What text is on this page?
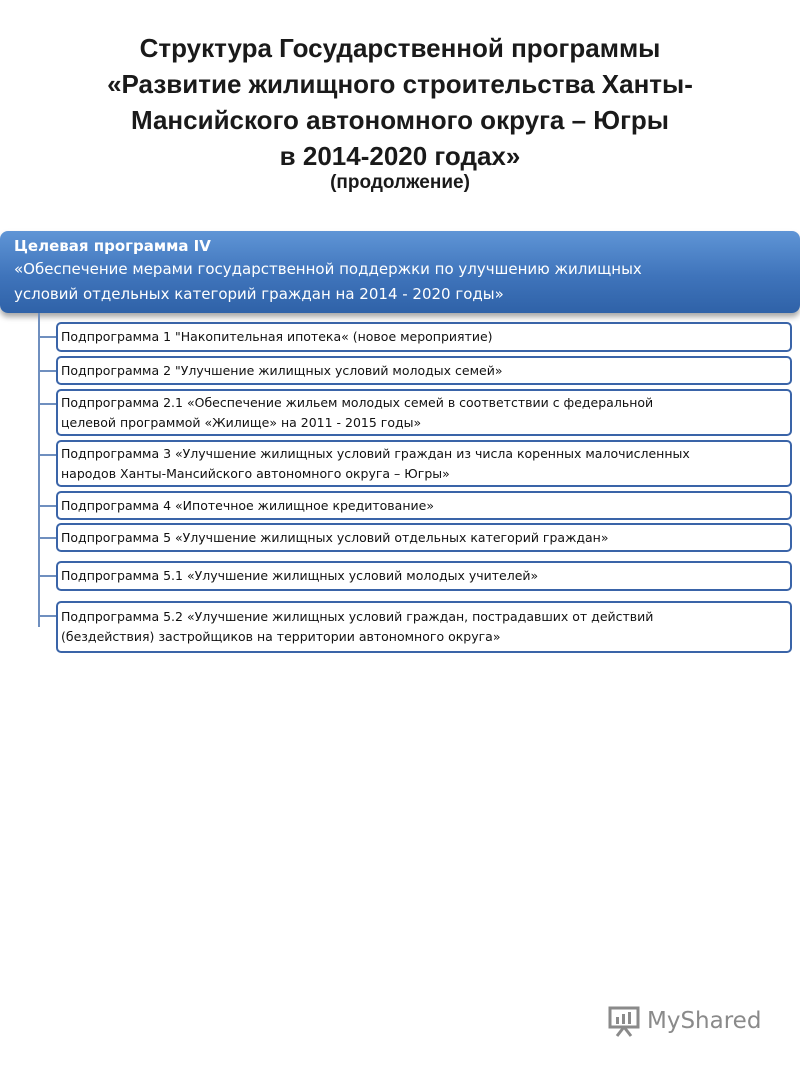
Структура Государственной программы
«Развитие жилищного строительства Ханты-
Мансийского автономного округа – Югры
в 2014-2020 годах»
(продолжение)
Целевая программа IV
«Обеспечение мерами государственной поддержки по улучшению жилищных
условий отдельных категорий граждан на 2014 - 2020 годы»
Подпрограмма 1 "Накопительная ипотека« (новое мероприятие)
Подпрограмма 2 "Улучшение жилищных условий молодых семей»
Подпрограмма 2.1 «Обеспечение жильем молодых семей в соответствии с федеральной
целевой программой «Жилище» на 2011 - 2015 годы»
Подпрограмма 3 «Улучшение жилищных условий граждан из числа коренных малочисленных
народов Ханты-Мансийского автономного округа – Югры»
Подпрограмма 4 «Ипотечное жилищное кредитование»
Подпрограмма 5 «Улучшение жилищных условий отдельных категорий граждан»
Подпрограмма 5.1 «Улучшение жилищных условий молодых учителей»
Подпрограмма 5.2 «Улучшение жилищных условий граждан, пострадавших от действий
(бездействия) застройщиков на территории автономного округа»
MyShared
